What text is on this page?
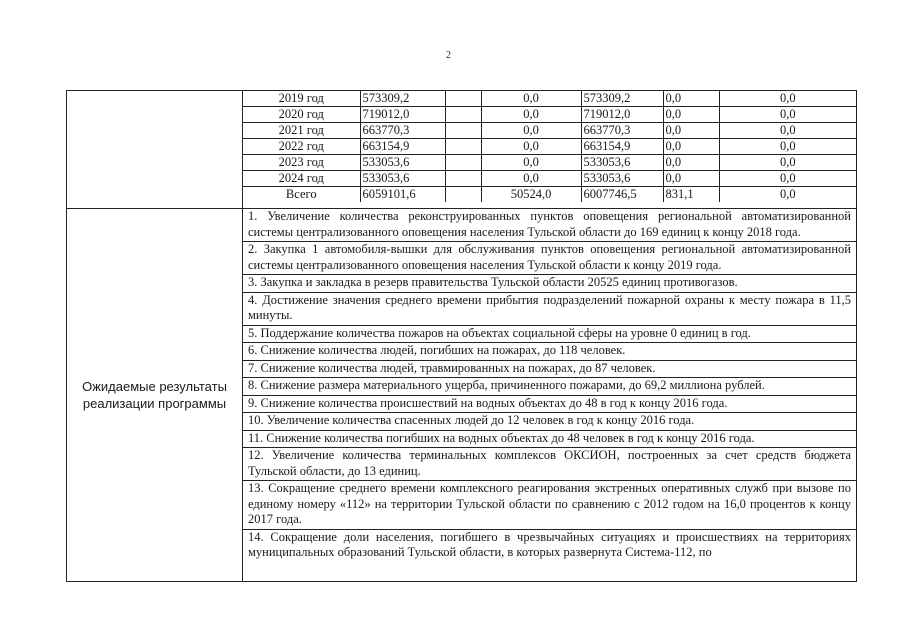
2

2019 год	573309,2		0,0	573309,2	0,0	0,0
2020 год	719012,0		0,0	719012,0	0,0	0,0
2021 год	663770,3		0,0	663770,3	0,0	0,0
2022 год	663154,9		0,0	663154,9	0,0	0,0
2023 год	533053,6		0,0	533053,6	0,0	0,0
2024 год	533053,6		0,0	533053,6	0,0	0,0
Всего	6059101,6		50524,0	6007746,5	831,1	0,0

Ожидаемые результаты реализации программы	
1. Увеличение количества реконструированных пунктов оповещения региональной автоматизированной системы централизованного оповещения населения Тульской области до 169 единиц к концу 2018 года.
2. Закупка 1 автомобиля-вышки для обслуживания пунктов оповещения региональной автоматизированной системы централизованного оповещения населения Тульской области к концу 2019 года.
3. Закупка и закладка в резерв правительства Тульской области 20525 единиц противогазов.
4. Достижение значения среднего времени прибытия подразделений пожарной охраны к месту пожара в 11,5 минуты.
5. Поддержание количества пожаров на объектах социальной сферы на уровне 0 единиц в год.
6. Снижение количества людей, погибших на пожарах, до 118 человек.
7. Снижение количества людей, травмированных на пожарах, до 87 человек.
8. Снижение размера материального ущерба, причиненного пожарами, до 69,2 миллиона рублей.
9. Снижение количества происшествий на водных объектах до 48 в год к концу 2016 года.
10. Увеличение количества спасенных людей до 12 человек в год к концу 2016 года.
11. Снижение количества погибших на водных объектах до 48 человек в год к концу 2016 года.
12. Увеличение количества терминальных комплексов ОКСИОН, построенных за счет средств бюджета Тульской области, до 13 единиц.
13. Сокращение среднего времени комплексного реагирования экстренных оперативных служб при вызове по единому номеру «112» на территории Тульской области по сравнению с 2012 годом на 16,0 процентов к концу 2017 года.
14. Сокращение доли населения, погибшего в чрезвычайных ситуациях и происшествиях на территориях муниципальных образований Тульской области, в которых развернута Система-112, по
